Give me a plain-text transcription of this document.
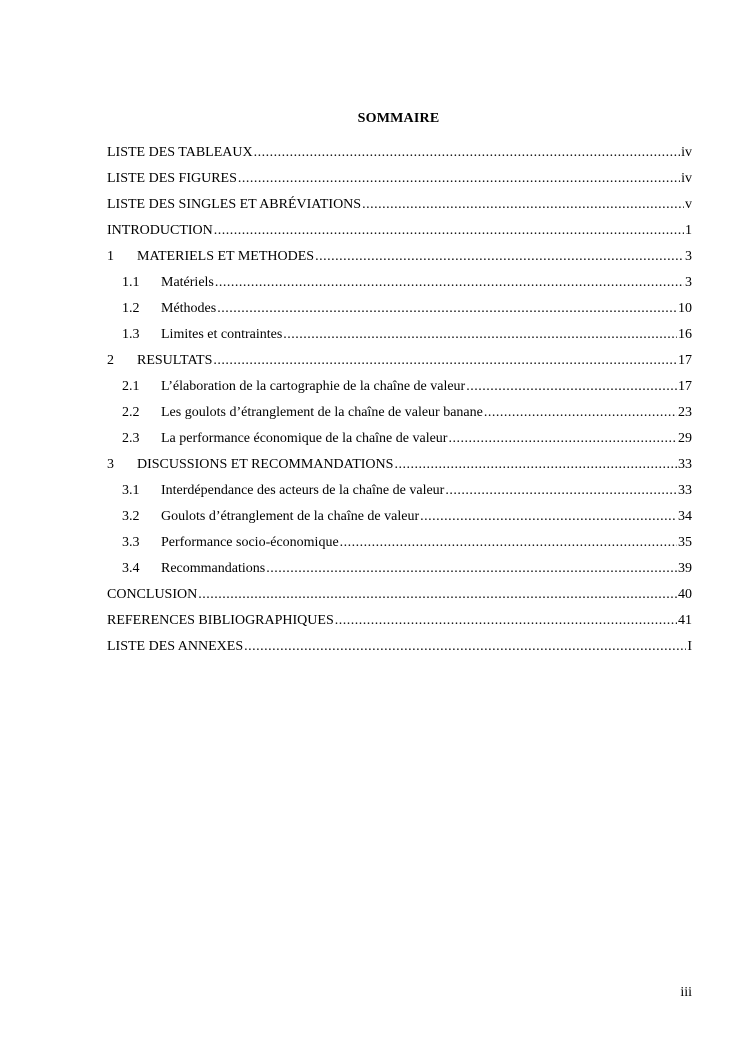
SOMMAIRE
LISTE DES TABLEAUX .....	iv
LISTE DES FIGURES .....	iv
LISTE DES SINGLES ET ABRÉVIATIONS .....	v
INTRODUCTION .....	1
1	MATERIELS ET METHODES .....	3
1.1	Matériels .....	3
1.2	Méthodes .....	10
1.3	Limites et contraintes .....	16
2	RESULTATS .....	17
2.1	L’élaboration de la cartographie de la chaîne de valeur .....	17
2.2	Les goulots d’étranglement de la chaîne de valeur banane .....	23
2.3	La performance économique de la chaîne de valeur .....	29
3	DISCUSSIONS ET RECOMMANDATIONS .....	33
3.1	Interdépendance des acteurs de la chaîne de valeur .....	33
3.2	Goulots d’étranglement de la chaîne de valeur .....	34
3.3	Performance socio-économique .....	35
3.4	Recommandations .....	39
CONCLUSION .....	40
REFERENCES BIBLIOGRAPHIQUES .....	41
LISTE DES ANNEXES .....	I
iii
